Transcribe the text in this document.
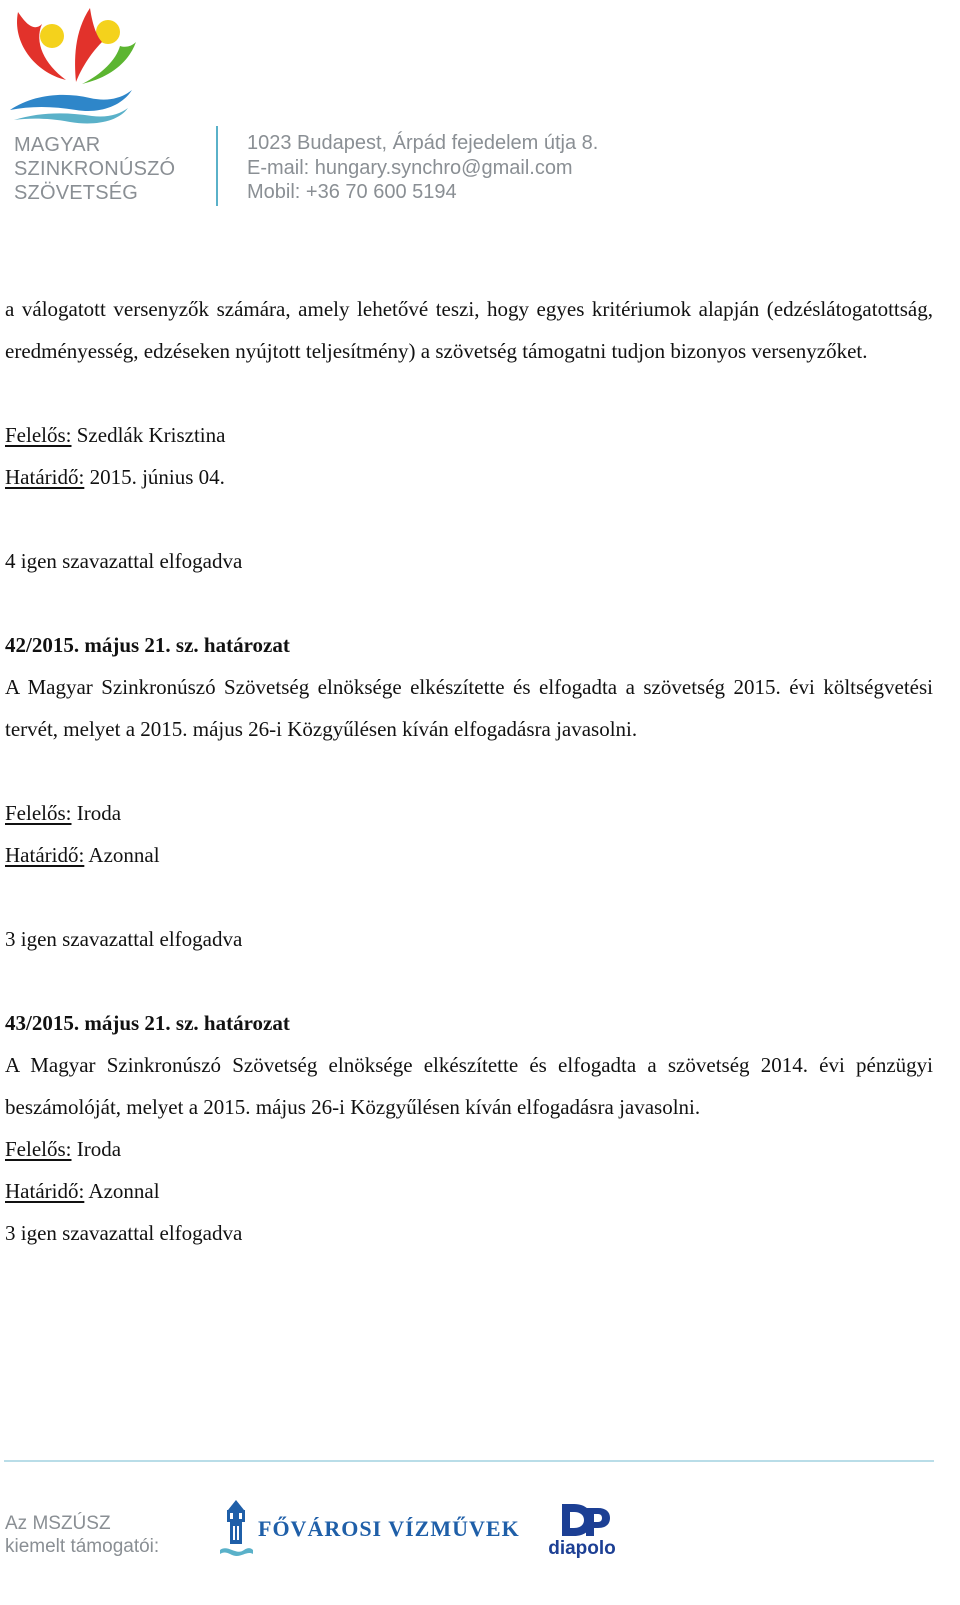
MAGYAR
SZINKRONÚSZÓ
SZÖVETSÉG
1023 Budapest, Árpád fejedelem útja 8.
E-mail: hungary.synchro@gmail.com
Mobil: +36 70 600 5194

a válogatott versenyzők számára, amely lehetővé teszi, hogy egyes kritériumok alapján (edzéslátogatottság, eredményesség, edzéseken nyújtott teljesítmény) a szövetség támogatni tudjon bizonyos versenyzőket.

Felelős: Szedlák Krisztina

Határidő: 2015. június 04.

4 igen szavazattal elfogadva

42/2015. május 21. sz. határozat

A Magyar Szinkronúszó Szövetség elnöksége elkészítette és elfogadta a szövetség 2015. évi költségvetési tervét, melyet a 2015. május 26-i Közgyűlésen kíván elfogadásra javasolni.

Felelős: Iroda

Határidő: Azonnal

3 igen szavazattal elfogadva

43/2015. május 21. sz. határozat

A Magyar Szinkronúszó Szövetség elnöksége elkészítette és elfogadta a szövetség 2014. évi pénzügyi beszámolóját, melyet a 2015. május 26-i Közgyűlésen kíván elfogadásra javasolni.

Felelős: Iroda

Határidő: Azonnal

3 igen szavazattal elfogadva

Az MSZÚSZ
kiemelt támogatói:
FŐVÁROSI VÍZMŰVEK
diapolo
